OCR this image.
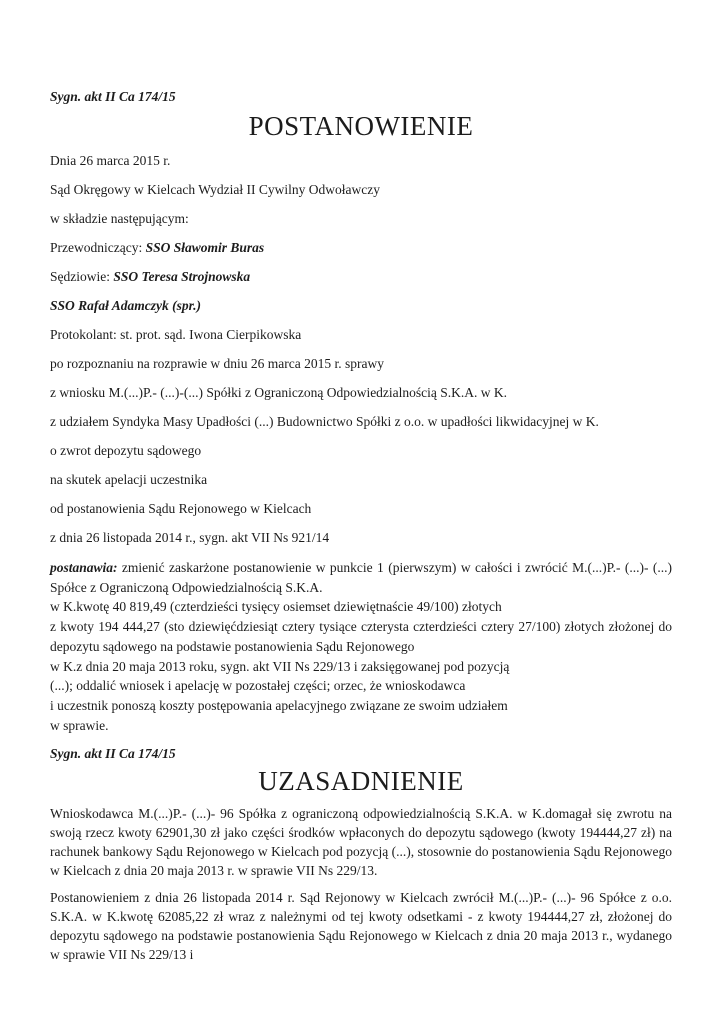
Sygn. akt II Ca 174/15

POSTANOWIENIE

Dnia 26 marca 2015 r.

Sąd Okręgowy w Kielcach Wydział II Cywilny Odwoławczy

w składzie następującym:

Przewodniczący: SSO Sławomir Buras

Sędziowie: SSO Teresa Strojnowska

SSO Rafał Adamczyk (spr.)

Protokolant: st. prot. sąd. Iwona Cierpikowska

po rozpoznaniu na rozprawie w dniu 26 marca 2015 r. sprawy

z wniosku M.(...)P.- (...)-(...) Spółki z Ograniczoną Odpowiedzialnością S.K.A. w K.

z udziałem Syndyka Masy Upadłości (...) Budownictwo Spółki z o.o. w upadłości likwidacyjnej w K.

o zwrot depozytu sądowego

na skutek apelacji uczestnika

od postanowienia Sądu Rejonowego w Kielcach

z dnia 26 listopada 2014 r., sygn. akt VII Ns 921/14

postanawia: zmienić zaskarżone postanowienie w punkcie 1 (pierwszym) w całości i zwrócić M.(...)P.- (...)- (...) Spółce z Ograniczoną Odpowiedzialnością S.K.A.

w K.kwotę 40 819,49 (czterdzieści tysięcy osiemset dziewiętnaście 49/100) złotych

z kwoty 194 444,27 (sto dziewięćdziesiąt cztery tysiące czterysta czterdzieści cztery 27/100) złotych złożonej do depozytu sądowego na podstawie postanowienia Sądu Rejonowego

w K.z dnia 20 maja 2013 roku, sygn. akt VII Ns 229/13 i zaksięgowanej pod pozycją

(...); oddalić wniosek i apelację w pozostałej części; orzec, że wnioskodawca

i uczestnik ponoszą koszty postępowania apelacyjnego związane ze swoim udziałem

w sprawie.

Sygn. akt II Ca 174/15

UZASADNIENIE

Wnioskodawca M.(...)P.- (...)- 96 Spółka z ograniczoną odpowiedzialnością S.K.A. w K.domagał się zwrotu na swoją rzecz kwoty 62901,30 zł jako części środków wpłaconych do depozytu sądowego (kwoty 194444,27 zł) na rachunek bankowy Sądu Rejonowego w Kielcach pod pozycją (...), stosownie do postanowienia Sądu Rejonowego w Kielcach z dnia 20 maja 2013 r. w sprawie VII Ns 229/13.

Postanowieniem z dnia 26 listopada 2014 r. Sąd Rejonowy w Kielcach zwrócił M.(...)P.- (...)- 96 Spółce z o.o. S.K.A. w K.kwotę 62085,22 zł wraz z należnymi od tej kwoty odsetkami - z kwoty 194444,27 zł, złożonej do depozytu sądowego na podstawie postanowienia Sądu Rejonowego w Kielcach z dnia 20 maja 2013 r., wydanego w sprawie VII Ns 229/13 i
